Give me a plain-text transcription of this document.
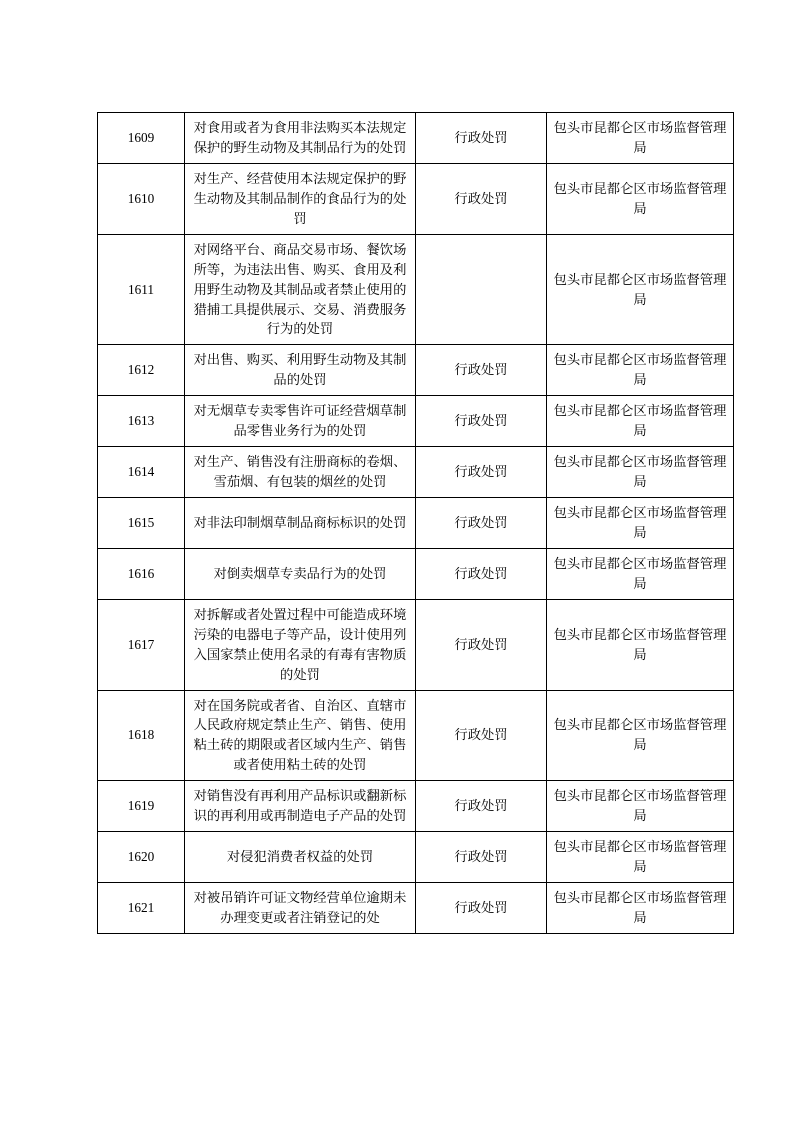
1609	对食用或者为食用非法购买本法规定保护的野生动物及其制品行为的处罚	行政处罚	包头市昆都仑区市场监督管理局

1610	对生产、经营使用本法规定保护的野生动物及其制品制作的食品行为的处罚	行政处罚	包头市昆都仑区市场监督管理局

1611	对网络平台、商品交易市场、餐饮场所等，为违法出售、购买、食用及利用野生动物及其制品或者禁止使用的猎捕工具提供展示、交易、消费服务行为的处罚		包头市昆都仑区市场监督管理局

1612	对出售、购买、利用野生动物及其制品的处罚	行政处罚	包头市昆都仑区市场监督管理局

1613	对无烟草专卖零售许可证经营烟草制品零售业务行为的处罚	行政处罚	包头市昆都仑区市场监督管理局

1614	对生产、销售没有注册商标的卷烟、雪茄烟、有包装的烟丝的处罚	行政处罚	包头市昆都仑区市场监督管理局

1615	对非法印制烟草制品商标标识的处罚	行政处罚	包头市昆都仑区市场监督管理局

1616	对倒卖烟草专卖品行为的处罚	行政处罚	包头市昆都仑区市场监督管理局

1617	对拆解或者处置过程中可能造成环境污染的电器电子等产品，设计使用列入国家禁止使用名录的有毒有害物质的处罚	行政处罚	包头市昆都仑区市场监督管理局

1618	对在国务院或者省、自治区、直辖市人民政府规定禁止生产、销售、使用粘土砖的期限或者区域内生产、销售或者使用粘土砖的处罚	行政处罚	包头市昆都仑区市场监督管理局

1619	对销售没有再利用产品标识或翻新标识的再利用或再制造电子产品的处罚	行政处罚	包头市昆都仑区市场监督管理局

1620	对侵犯消费者权益的处罚	行政处罚	包头市昆都仑区市场监督管理局

1621	对被吊销许可证文物经营单位逾期未办理变更或者注销登记的处	行政处罚	包头市昆都仑区市场监督管理局
